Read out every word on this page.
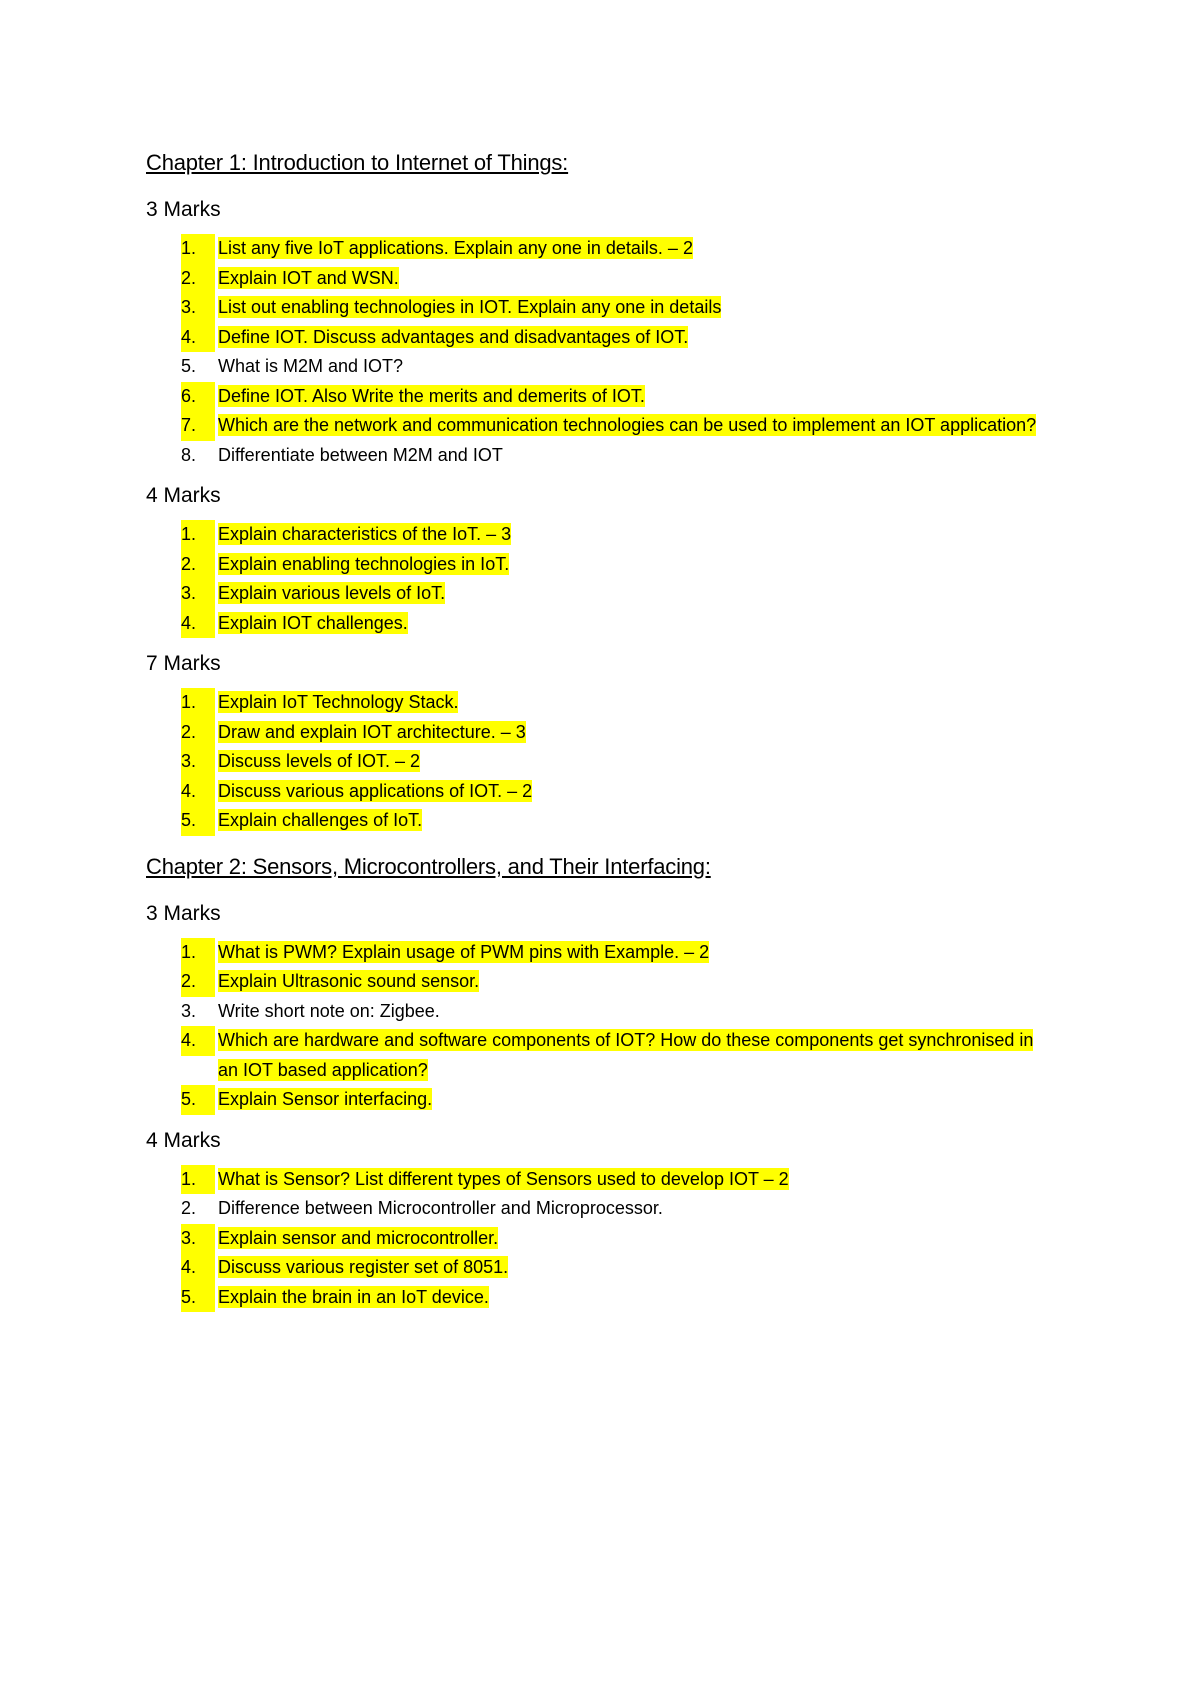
Chapter 1: Introduction to Internet of Things:
3 Marks
1.	List any five IoT applications. Explain any one in details. – 2
2.	Explain IOT and WSN.
3.	List out enabling technologies in IOT. Explain any one in details
4.	Define IOT. Discuss advantages and disadvantages of IOT.
5. What is M2M and IOT?
6.	Define IOT. Also Write the merits and demerits of IOT.
7.	Which are the network and communication technologies can be used to implement an IOT application?
8. Differentiate between M2M and IOT
4 Marks
1.	Explain characteristics of the IoT. – 3
2.	Explain enabling technologies in IoT.
3.	Explain various levels of IoT.
4.	Explain IOT challenges.
7 Marks
1.	Explain IoT Technology Stack.
2.	Draw and explain IOT architecture. – 3
3.	Discuss levels of IOT. – 2
4.	Discuss various applications of IOT. – 2
5.	Explain challenges of IoT.
Chapter 2: Sensors, Microcontrollers, and Their Interfacing:
3 Marks
1.	What is PWM? Explain usage of PWM pins with Example. – 2
2.	Explain Ultrasonic sound sensor.
3. Write short note on: Zigbee.
4.	Which are hardware and software components of IOT? How do these components get synchronised in an IOT based application?
5.	Explain Sensor interfacing.
4 Marks
1.	What is Sensor? List different types of Sensors used to develop IOT – 2
2. Difference between Microcontroller and Microprocessor.
3.	Explain sensor and microcontroller.
4.	Discuss various register set of 8051.
5.	Explain the brain in an IoT device.
